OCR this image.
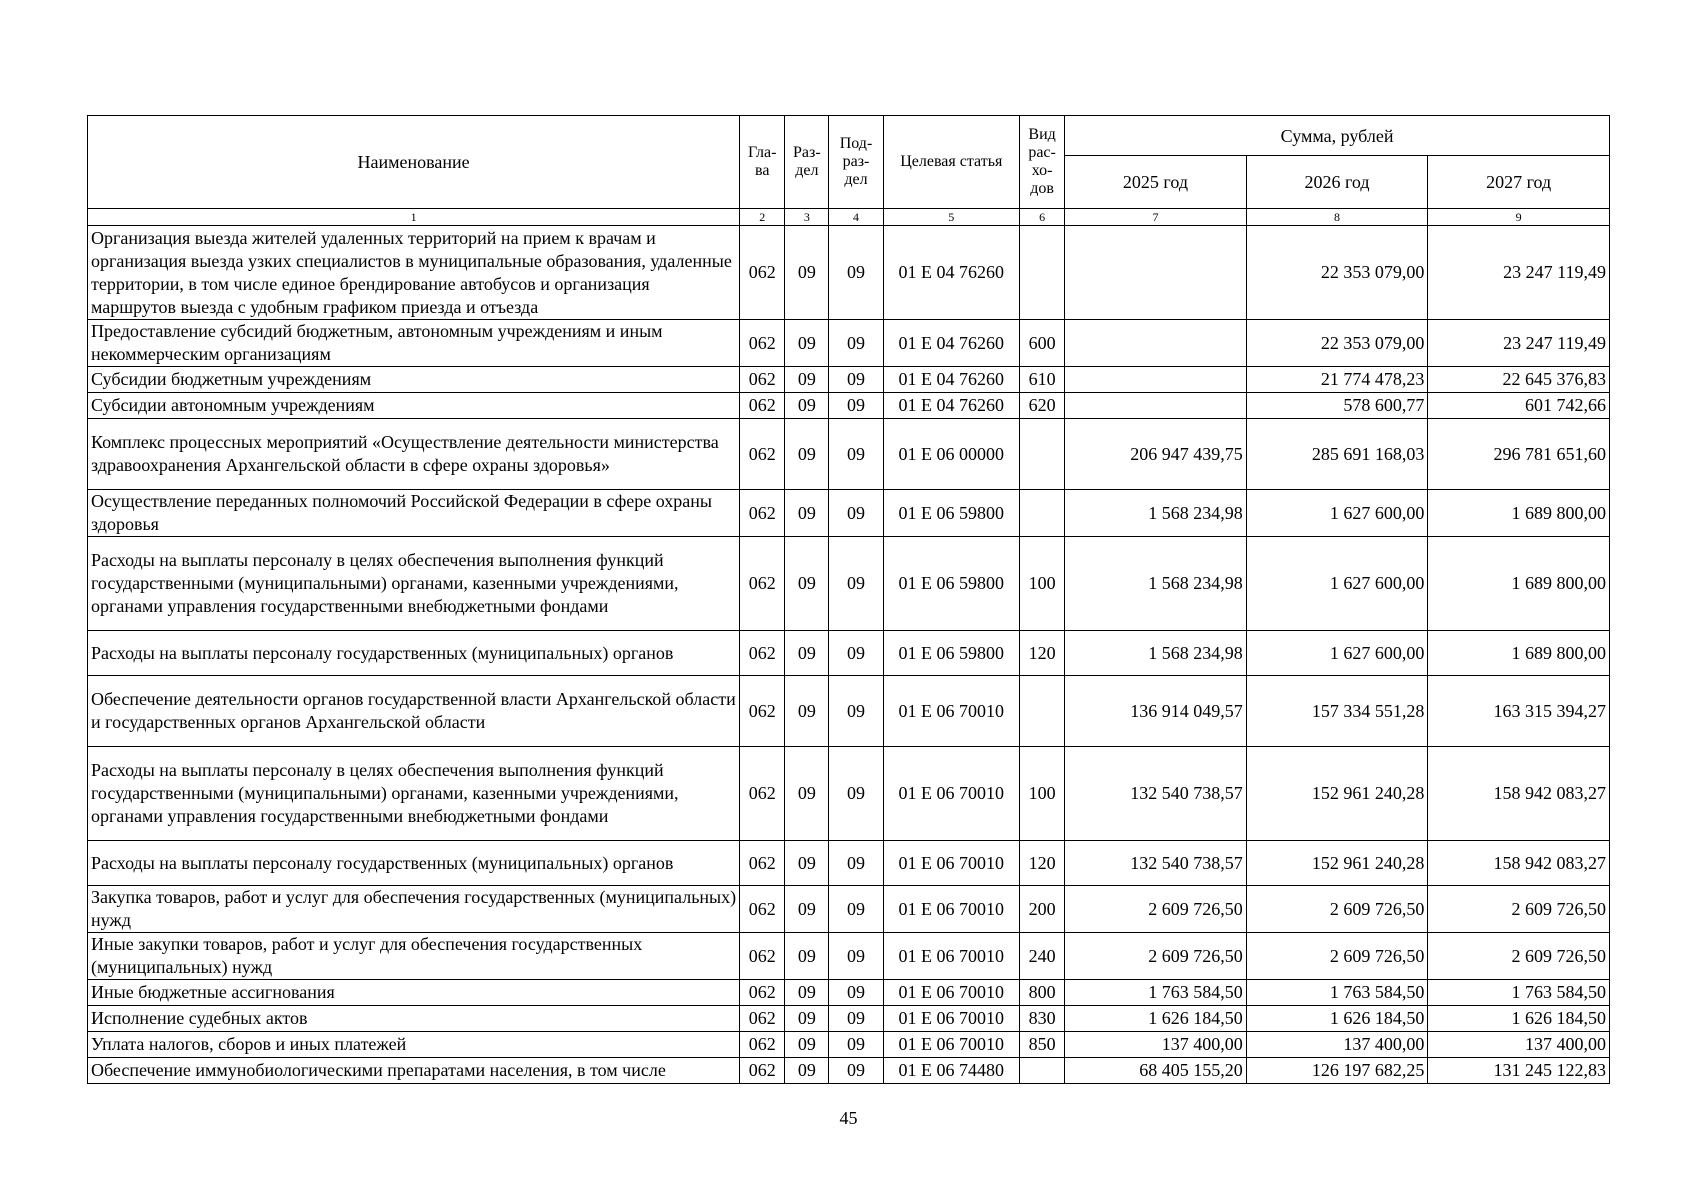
Наименование	Гла- ва	Раз- дел	Под- раз- дел	Целевая статья	Вид рас- хо- дов	Сумма, рублей		
						2025 год	2026 год	2027 год
1	2	3	4	5	6	7	8	9
Организация выезда жителей удаленных территорий на прием к врачам и организация выезда узких специалистов в муниципальные образования, удаленные территории, в том числе единое брендирование автобусов и организация маршрутов выезда с удобным графиком приезда и отъезда	062	09	09	01 Е 04 76260			22 353 079,00	23 247 119,49
Предоставление субсидий бюджетным, автономным учреждениям и иным некоммерческим организациям	062	09	09	01 Е 04 76260	600		22 353 079,00	23 247 119,49
Субсидии бюджетным учреждениям	062	09	09	01 Е 04 76260	610		21 774 478,23	22 645 376,83
Субсидии автономным учреждениям	062	09	09	01 Е 04 76260	620		578 600,77	601 742,66
Комплекс процессных мероприятий «Осуществление деятельности министерства здравоохранения Архангельской области в сфере охраны здоровья»	062	09	09	01 Е 06 00000		206 947 439,75	285 691 168,03	296 781 651,60
Осуществление переданных полномочий Российской Федерации в сфере охраны здоровья	062	09	09	01 Е 06 59800		1 568 234,98	1 627 600,00	1 689 800,00
Расходы на выплаты персоналу в целях обеспечения выполнения функций государственными (муниципальными) органами, казенными учреждениями, органами управления государственными внебюджетными фондами	062	09	09	01 Е 06 59800	100	1 568 234,98	1 627 600,00	1 689 800,00
Расходы на выплаты персоналу государственных (муниципальных) органов	062	09	09	01 Е 06 59800	120	1 568 234,98	1 627 600,00	1 689 800,00
Обеспечение деятельности органов государственной власти Архангельской области и государственных органов Архангельской области	062	09	09	01 Е 06 70010		136 914 049,57	157 334 551,28	163 315 394,27
Расходы на выплаты персоналу в целях обеспечения выполнения функций государственными (муниципальными) органами, казенными учреждениями, органами управления государственными внебюджетными фондами	062	09	09	01 Е 06 70010	100	132 540 738,57	152 961 240,28	158 942 083,27
Расходы на выплаты персоналу государственных (муниципальных) органов	062	09	09	01 Е 06 70010	120	132 540 738,57	152 961 240,28	158 942 083,27
Закупка товаров, работ и услуг для обеспечения государственных (муниципальных) нужд	062	09	09	01 Е 06 70010	200	2 609 726,50	2 609 726,50	2 609 726,50
Иные закупки товаров, работ и услуг для обеспечения государственных (муниципальных) нужд	062	09	09	01 Е 06 70010	240	2 609 726,50	2 609 726,50	2 609 726,50
Иные бюджетные ассигнования	062	09	09	01 Е 06 70010	800	1 763 584,50	1 763 584,50	1 763 584,50
Исполнение судебных актов	062	09	09	01 Е 06 70010	830	1 626 184,50	1 626 184,50	1 626 184,50
Уплата налогов, сборов и иных платежей	062	09	09	01 Е 06 70010	850	137 400,00	137 400,00	137 400,00
Обеспечение иммунобиологическими препаратами населения, в том числе	062	09	09	01 Е 06 74480		68 405 155,20	126 197 682,25	131 245 122,83
45
